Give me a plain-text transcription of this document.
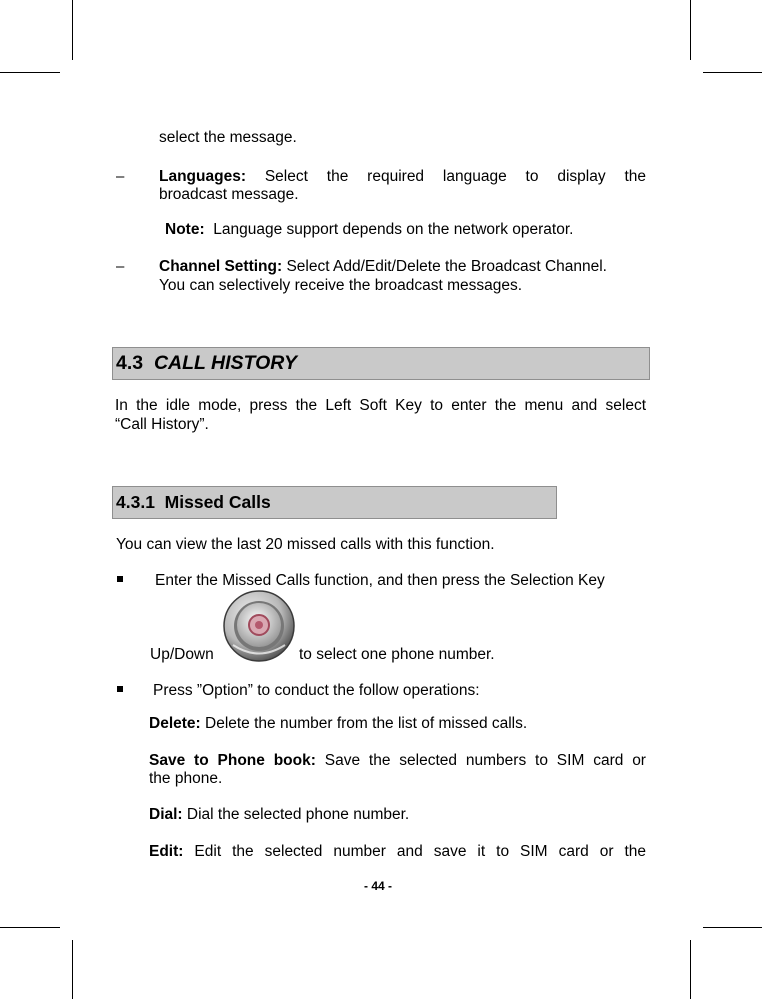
select the message.
– Languages: Select the required language to display the
broadcast message.
Note: Language support depends on the network operator.
– Channel Setting: Select Add/Edit/Delete the Broadcast Channel.
You can selectively receive the broadcast messages.
4.3 CALL HISTORY
In the idle mode, press the Left Soft Key to enter the menu and select
“Call History”.
4.3.1 Missed Calls
You can view the last 20 missed calls with this function.
Enter the Missed Calls function, and then press the Selection Key
Up/Down	to select one phone number.
Press ”Option” to conduct the follow operations:
Delete: Delete the number from the list of missed calls.
Save to Phone book: Save the selected numbers to SIM card or
the phone.
Dial: Dial the selected phone number.
Edit: Edit the selected number and save it to SIM card or the
- 44 -
